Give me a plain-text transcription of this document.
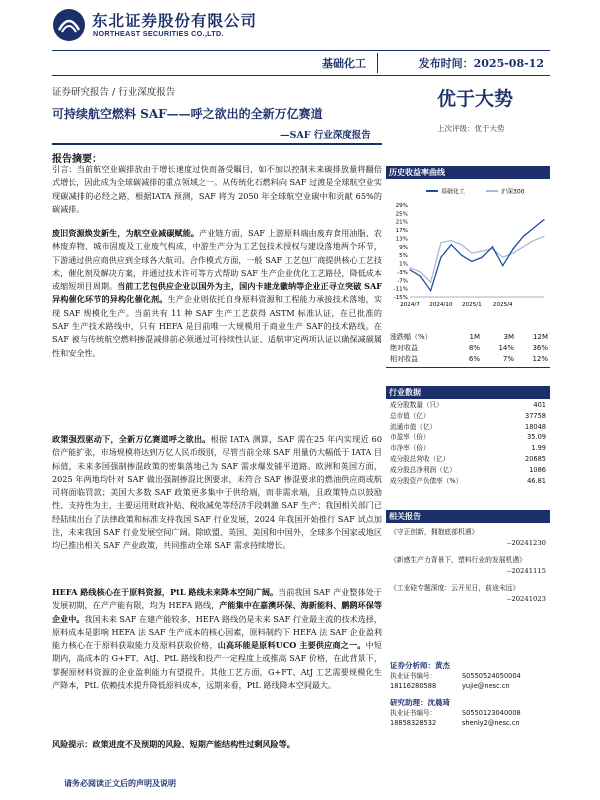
东北证券股份有限公司
NORTHEAST SECURITIES CO.,LTD.
基础化工	发布时间：2025-08-12
证券研究报告 / 行业深度报告	优于大势
上次评级：优于大势
可持续航空燃料 SAF——呼之欲出的全新万亿赛道
—SAF 行业深度报告
报告摘要：
引言：当前航空业碳排放由于增长速度过快而备受瞩目，如不加以控制未来碳排放量将翻倍式增长，因此成为全球碳减排的重点领域之一。从传统化石燃料向 SAF 过渡是全球航空业实现碳减排的必经之路，根据IATA 预测，SAF 将为 2050 年全球航空业碳中和贡献 65%的碳减排。
废旧资源焕发新生，为航空业减碳赋能。产业链方面，SAF 上游原料端由废弃食用油脂、农林废弃物、城市固废及工业废气构成，中游生产分为工艺包技术授权与建设落地两个环节，下游通过供应商供应到全球各大航司。合作模式方面，一般 SAF 工艺包厂商提供核心工艺技术，催化剂及解决方案，并通过技术许可等方式帮助 SAF 生产企业优化工艺路径，降低成本或缩短项目周期。当前工艺包供应企业以国外为主，国内卡建龙徽纳等企业正寻立突破 SAF 异构催化环节的异构化催化剂。生产企业则依托自身原料资源和工程能力承接技术落地，实现 SAF 规模化生产。当前共有 11 种 SAF 生产工艺获得 ASTM 标准认证，在已批准的SAF 生产技术路线中，只有 HEFA 是目前唯一大规模用于商业生产 SAF的技术路线。在 SAF 被与传统航空燃料掺混减排前必须通过可持续性认证、适航审定两项认证以确保减碳属性和安全性。
政策强烈驱动下，全新万亿赛道呼之欲出。根据 IATA 测算，SAF 需在25 年内实现近 60 倍产能扩张，市场规模将达到万亿人民币级别，尽管当前全球 SAF 用量仍大幅低于 IATA 目标值，未来多国强制掺混政策的密集落地己为 SAF 需求爆发铺平道路。欧洲和英国方面，2025 年两地均针对 SAF 做出强制掺混比例要求，未符合 SAF 掺混要求的燃油供应商或航司将面临罚款；美国大多数 SAF 政策更多集中于供给端，而非需求端，且政策特点以鼓励性、支持性为主，主要运用财政补贴、税收减免等经济手段刺激 SAF 生产；我国相关部门已经陆续出台了法律政策和标准支持我国 SAF 行业发展，2024 年我国开始推行 SAF 试点加注，未来我国 SAF 行业发展空间广阔。除欧盟、英国、美国和中国外，全球多个国家或地区均已推出相关 SAF 产业政策，共同推动全球 SAF 需求持续增长。
HEFA 路线核心在于原料资源，PtL 路线未来降本空间广阔。当前我国 SAF 产业整体处于发展初期，在产产能有限，均为 HEFA 路线，产能集中在嘉澳环保、海新能科、鹏鹞环保等企业中。我国未来 SAF 在建产能较多，HEFA 路线仍是未来 SAF 行业最主流的技术选择，原料成本是影响 HEFA 法 SAF 生产成本的核心因素，原料制约下 HEFA 法 SAF 企业盈利能力核心在于原料获取能力及原料获取价格，山高环能是原料UCO 主要供应商之一。中短期内，高成本的 G+FT、AtJ、PtL 路线和投产一定程度上或推高 SAF 价格，在此背景下，掌握原材料资源的企业盈利能力有望提升。其他工艺方面，G+FT、AtJ 工艺需要规模化生产降本，PtL 依赖技术提升降低原料成本，远期来看，PtL 路线降本空间最大。
风险提示：政策进度不及预期的风险、短期产能结构性过剩风险等。
历史收益率曲线
基础化工	沪深300
29%
25%
21%
17%
13%
9%
5%
1%
-3%
-7%
-11%
-15%
2024/7 2024/10 2025/1 2025/4
涨跌幅（%）	1M	3M	12M
绝对收益	8%	14%	36%
相对收益	6%	7%	12%
行业数据
成分股数量（只）	401
总市值（亿）	37758
流通市值（亿）	18048
市盈率（倍）	35.09
市净率（倍）	1.99
成分股总营收（亿）	20685
成分股总净利润（亿）	1086
成分股资产负债率（%）	46.81
相关报告
《守正创新，拥抱底部机遇》
--20241230
《新感生产力背景下，塑料行业的发展机遇》
--20241115
《工业硅专题深度：云开见日，前途未远》
--20241023
证券分析师：黄杰
执业证书编号：	S0550524050004
18116280588	yujie@nesc.cn
研究助理：沈晨琦
执业证书编号：	S0550123040008
18858328532	shenly2@nesc.cn
请务必阅读正文后的声明及说明
